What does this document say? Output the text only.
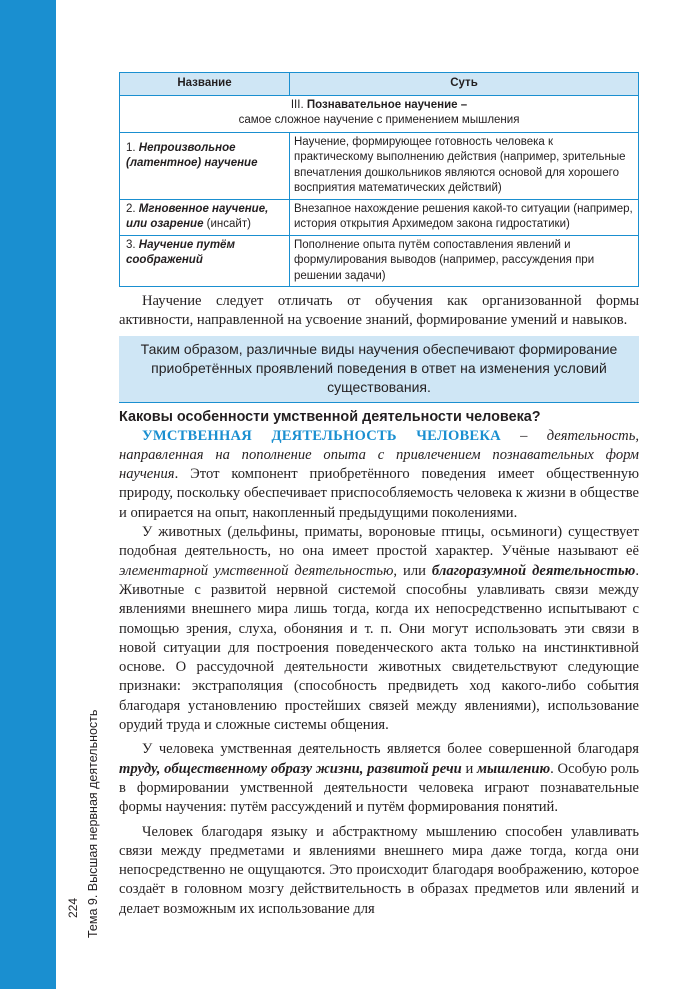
Тема 9. Высшая нервная деятельность
224
Название	Суть
III. Познавательное научение –
самое сложное научение с применением мышления	
1. Непроизвольное (латентное) научение	Научение, формирующее готовность человека к практическому выполнению действия (например, зрительные впечатления дошкольников являются основой для хорошего восприятия математических действий)
2. Мгновенное научение, или озарение (инсайт)	Внезапное нахождение решения какой-то ситуации (например, история открытия Архимедом закона гидростатики)
3. Научение путём соображений	Пополнение опыта путём сопоставления явлений и формулирования выводов (например, рассуждения при решении задачи)

Научение следует отличать от обучения как организованной формы активности, направленной на усвоение знаний, формирование умений и навыков.

Таким образом, различные виды научения обеспечивают формирование приобретённых проявлений поведения в ответ на изменения условий существования.
Каковы особенности умственной деятельности человека?

УМСТВЕННАЯ ДЕЯТЕЛЬНОСТЬ ЧЕЛОВЕКА – деятельность, направленная на пополнение опыта с привлечением познавательных форм научения. Этот компонент приобретённого поведения имеет общественную природу, поскольку обеспечивает приспособляемость человека к жизни в обществе и опирается на опыт, накопленный предыдущими поколениями.

У животных (дельфины, приматы, вороновые птицы, осьминоги) существует подобная деятельность, но она имеет простой характер. Учёные называют её элементарной умственной деятельностью, или благоразумной деятельностью. Животные с развитой нервной системой способны улавливать связи между явлениями внешнего мира лишь тогда, когда их непосредственно испытывают с помощью зрения, слуха, обоняния и т. п. Они могут использовать эти связи в новой ситуации для построения поведенческого акта только на инстинктивной основе. О рассудочной деятельности животных свидетельствуют следующие признаки: экстраполяция (способность предвидеть ход какого-либо события благодаря установлению простейших связей между явлениями), использование орудий труда и сложные системы общения.

У человека умственная деятельность является более совершенной благодаря труду, общественному образу жизни, развитой речи и мышлению. Особую роль в формировании умственной деятельности человека играют познавательные формы научения: путём рассуждений и путём формирования понятий.

Человек благодаря языку и абстрактному мышлению способен улавливать связи между предметами и явлениями внешнего мира даже тогда, когда они непосредственно не ощущаются. Это происходит благодаря воображению, которое создаёт в головном мозгу действительность в образах предметов или явлений и делает возможным их использование для
